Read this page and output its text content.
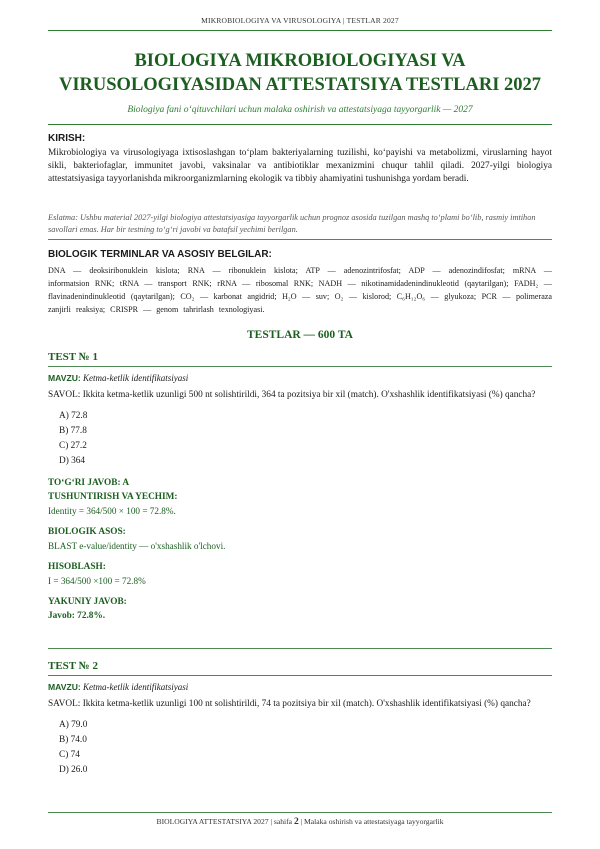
MIKROBIOLOGIYA VA VIRUSOLOGIYA | TESTLAR 2027
BIOLOGIYA MIKROBIOLOGIYASI VA
VIRUSOLOGIYASIDAN ATTESTATSIYA TESTLARI 2027
Biologiya fani o‘qituvchilari uchun malaka oshirish va attestatsiyaga tayyorgarlik — 2027
KIRISH:
Mikrobiologiya va virusologiyaga ixtisoslashgan to‘plam bakteriyalarning tuzilishi, ko‘payishi va metabolizmi, viruslarning hayot sikli, bakteriofaglar, immunitet javobi, vaksinalar va antibiotiklar mexanizmini chuqur tahlil qiladi. 2027-yilgi biologiya attestatsiyasiga tayyorlanishda mikroorganizmlarning ekologik va tibbiy ahamiyatini tushunishga yordam beradi.
Eslatma: Ushbu material 2027-yilgi biologiya attestatsiyasiga tayyorgarlik uchun prognoz asosida tuzilgan mashq to‘plami bo‘lib, rasmiy imtihon savollari emas. Har bir testning to‘g‘ri javobi va batafsil yechimi berilgan.
BIOLOGIK TERMINLAR VA ASOSIY BELGILAR:
DNA — deoksiribonuklein kislota; RNA — ribonuklein kislota; ATP — adenozintrifosfat; ADP — adenozindifosfat; mRNA — informatsion RNK; tRNA — transport RNK; rRNA — ribosomal RNK; NADH — nikotinamidadenindinukleotid (qaytarilgan); FADH₂ — flavinadenindinukleotid (qaytarilgan); CO₂ — karbonat angidrid; H₂O — suv; O₂ — kislorod; C₆H₁₂O₆ — glyukoza; PCR — polimeraza zanjirli reaksiya; CRISPR — genom tahrirlash texnologiyasi.
TESTLAR — 600 TA
TEST № 1
MAVZU: Ketma-ketlik identifikatsiyasi
SAVOL: Ikkita ketma-ketlik uzunligi 500 nt solishtirildi, 364 ta pozitsiya bir xil (match). O'xshashlik identifikatsiyasi (%) qancha?
A) 72.8
B) 77.8
C) 27.2
D) 364
TO‘G‘RI JAVOB: A
TUSHUNTIRISH VA YECHIM:
Identity = 364/500 × 100 = 72.8%.
BIOLOGIK ASOS:
BLAST e-value/identity — o'xshashlik o'lchovi.
HISOBLASH:
I = 364/500 ×100 = 72.8%
YAKUNIY JAVOB:
Javob: 72.8%.
TEST № 2
MAVZU: Ketma-ketlik identifikatsiyasi
SAVOL: Ikkita ketma-ketlik uzunligi 100 nt solishtirildi, 74 ta pozitsiya bir xil (match). O'xshashlik identifikatsiyasi (%) qancha?
A) 79.0
B) 74.0
C) 74
D) 26.0
BIOLOGIYA ATTESTATSIYA 2027 | sahifa 2 | Malaka oshirish va attestatsiyaga tayyorgarlik
